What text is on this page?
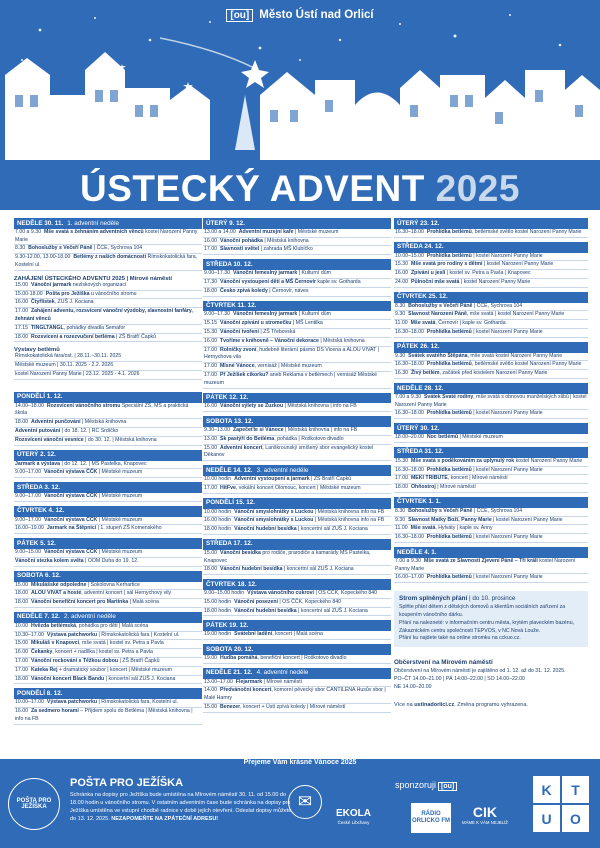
[ou] Město Ústí nad Orlicí
ÚSTECKÝ ADVENT 2025
NEDĚLE 30. 11. 1. adventní neděle
7.00 a 9.30 Mše svatá s žehnáním adventních věnců kostel Narození Panny Marie
8.30 Bohoslužby s Večeří Páně | ČCE, Sychrova 104
9.30-12.00, 13.00-18.00 Betlémy z našich domácností Římskokatolická fara, Kostelní ul.
ZAHÁJENÍ ÚSTECKÉHO ADVENTU 2025 | Mírové náměstí
15.00 Vánoční jarmark neziskových organizací
15.00-18.00 Pošta pro Ježíška u vánočního stromu
16.00 Čtyřlístek, ZUŠ J. Kociana
17.00 Zahájení adventu, rozsvícení vánoční výzdoby, slavnostní fanfáry, žehnání věnců
17.15 TINGLTANGL, pohádky divadla Semafor
18.00 Rozsvícení a rozezvučení betléma | ZŠ Bratří Čapků
Výstavy betlémů
Římskokatolická fara/ost. | 28.11.–30.11. 2025
Městské muzeum | 30.11. 2025 - 2.2. 2026
kostel Narození Panny Marie | 23.12. 2025 - 4.1. 2026
PONDĚLÍ 1. 12.
14.00–18.00 Rozsvícení vánočního stromu Speciální ZŠ, MŠ a praktická škola
18.00 Adventní punčování | Městská knihovna
Adventní putování | do 18. 12. | RC Srdíčko
Rozsvícení vánoční vesnice | do 30. 12. | Městská knihovna
ÚTERÝ 2. 12.
Jarmark a výstava | do 12. 12. | MŠ Pastelka, Knapovec
9.00–17.00 Vánoční výstava ČČK | Městské muzeum
STŘEDA 3. 12.
9.00–17.00 Vánoční výstava ČČK | Městské muzeum
ČTVRTEK 4. 12.
9.00–17.00 Vánoční výstava ČČK | Městské muzeum
16.00–19.00 Jarmark na Štěpnici | 1. stupeň ZŠ Komenského
PÁTEK 5. 12.
9.00–15.00 Vánoční výstava ČČK | Městské muzeum
Vánoční stezka kolem světa | OOM Duha do 19. 12.
SOBOTA 6. 12.
15.00 Mikulášské odpoledne | Sokolovna Kerhartice
18.00 ALOU VIVAT a hosté, adventní koncert | sál Hernychovy vily
18.00 Vánoční benefiční koncert pro Martinka | Malá scéna
NEDĚLE 7. 12. 2. adventní neděle
10.00 Hvězda betlémská, pohádka pro děti | Malá scéna
10.30–17.00 Výstava patchworku | Římskokatolická fara | Kostelní ul.
15.00 Mikuláš v Knapovci, mše svatá | kostel sv. Petra a Pavla
16.00 Čekanky, koncert + nadílka | kostel sv. Petra a Pavla
17.00 Vánoční rockování s Těžkou dobou | ZŠ Bratří Čapků
17.00 Kateka Rej + dramatický soubor | koncert | Městské muzeum
18.00 Vánoční koncert Black Bandu | koncertní sál ZUŠ J. Kociana
PONDĚLÍ 8. 12.
10.00–17.00 Výstava patchworku | Římskokatolická fara, Kostelní ul.
16.00 Za sedmero horami – Příjdem spolu do Betléma | Městská knihovna | info na FB
ÚTERÝ 9. 12.
13.00 a 14.00 Adventní muzejní kafe | Městské muzeum
16.00 Vánoční pohádka | Městská knihovna
17.00 Slavnosti světel | zahrada MŠ Klubíčko
STŘEDA 10. 12.
9.00–17.30 Vánoční femeslný jarmark | Kulturní dům
17.30 Vánoční vystoupení dětí a MŠ Černovír kaple sv. Gotharda
18.00 Česko zpívá koledy | Černovír, náves
ČTVRTEK 11. 12.
9.00–17.30 Vánoční femeslný jarmark | Kulturní dům
15.15 Vánoční zpívání u stromečku | MŠ Lentilka
15.30 Vánoční tvoření | ZŠ Třebovská
16.00 Tvoříme v knihovně – Vánoční dekorace | Městská knihovna
17.00 Rolničky zvoní, hudebně literární pásmo DS Vicena a ALOU VIVAT | Hernychova vila
17.00 Mlsné Vánoce, vernisáž | Městské muzeum
17.00 Př Ježíšek cikorku? aneb Reklama v betlémech | vernisáž Městské muzeum
PÁTEK 12. 12.
16.00 Vánoční výlety se Zuzkou | Městská knihovna | info na FB
SOBOTA 13. 12.
9.30–13.00 Zapečeťte si Vánoce | Městská knihovna | info na FB
13.00 Sk pastýři do Betléma, pohádka | Roškotovo divadlo
15.00 Adventní koncert, Lanškrounský smíšený sbor evangelický kostel Děkanov
NEDĚLE 14. 12. 3. adventní neděle
10.00 hodin Adventní vystoupení a jarmark | ZŠ Bratří Čapků
17.00 HitFve, vokální koncert Olomouc, koncert | Městské muzeum
PONDĚLÍ 15. 12.
10.00 hodin Vánoční smyslohrátky s Luckou | Městská knihovna info na FB
16.00 hodin Vánoční smyslohrátky s Luckou | Městská knihovna info na FB
18.00 hodin Vánoční hudební besídka | koncertní sál ZUŠ J. Kociana
STŘEDA 17. 12.
15.00 Vánoční besídka pro rodiče, prarodiče a kamarády MŠ Pastelka, Knapovec
18.00 Vánoční hudební besídka | koncertní sál ZUŠ J. Kociana
ČTVRTEK 18. 12.
9.00–15.00 hodin Výstava vánočního cukroví | OS ČČK, Kopeckého 840
15.00 hodin Vánoční posezení | OS ČČK, Kopeckého 840
18.00 hodin Vánoční hudební besídka | koncertní sál ZUŠ J. Kociana
PÁTEK 19. 12.
19.00 hodin Svátební ladění, koncert | Malá scéna
SOBOTA 20. 12.
19.00 Hudba pomáhá, benefiční koncert | Roškotovo divadlo
NEDĚLE 21. 12. 4. adventní neděle
13.00–17.00 Flejarmark | Mírové náměstí
14.00 Předvánoční koncert, komorní pěvecký sbor CANTILENA Husův sbor | Malé Hamry
15.00 Benezer, koncert + Ústí zpívá koledy | Mírové náměstí
ÚTERÝ 23. 12.
16.30–18.00 Prohlídka betlémů, betlémské světlo kostel Narození Panny Marie
STŘEDA 24. 12.
10.00–15.00 Prohlídka betlémů | kostel Narození Panny Marie
15.30 Mše svatá pro rodiny s dětmi | kostel Narození Panny Marie
16.00 Zpívání u jesli | kostel sv. Petra a Pavla | Knapovec
24.00 Půlnoční mše svatá | kostel Narození Panny Marie
ČTVRTEK 25. 12.
8.30 Bohoslužby s Večeří Páně | ČCE, Sychrova 104
9.30 Slavnost Narození Páně, mše svatá | kostel Narození Panny Marie
11.00 Mše svatá, Černovír | kaple sv. Gotharda
16.30–18.00 Prohlídka betlémů | kostel Narození Panny Marie
PÁTEK 26. 12.
9.30 Svátek svatého Štěpána, mše svatá kostel Narození Panny Marie
16.30–18.00 Prohlídka betlémů, betlémské světlo kostel Narození Panny Marie
16.30 Živý betlém, začátek před kostelem Narození Panny Marie
NEDĚLE 28. 12.
7.00 a 9.30 Svátek Svaté rodiny, mše svatá s obnovou manželských slibů | kostel Narození Panny Marie
16.30–18.00 Prohlídka betlémů | kostel Narození Panny Marie
ÚTERÝ 30. 12.
18.00–20.00 Noc betlémů | Městské muzeum
STŘEDA 31. 12.
15.30 Mše svatá s poděkováním za uplynulý rok kostel Narození Panny Marie
16.30–18.00 Prohlídka betlémů | kostel Narození Panny Marie
17.00 MEKI TRIBUTE, koncert | Mírové náměstí
18.00 Ohňostroj | Mírové náměstí
ČTVRTEK 1. 1.
8.30 Bohoslužby s Večeří Páně | ČCE, Sychrova 104
9.30 Slavnost Matky Boží, Panny Marie | kostel Narození Panny Marie
11.00 Mše svatá, Hylváty | kaple sv. Anny
16.30–18.00 Prohlídka betlémů | kostel Narození Panny Marie
NEDĚLE 4. 1.
7.00 a 9.30 Mše svatá ze Slavnosti Zjevení Páně – Tři králi kostel Narození Panny Marie
16.00–17.00 Prohlídka betlémů | kostel Narození Panny Marie
Strom splněných přání | do 10. prosince
Splňte přání dětem z dětských domovů a klientům sociálních zařízení za koupením vánočního dárku.
Přání na nalezneté: v informačním centru města, krytém plaveckém bazénu, Zákaznickém centru společnosti TEPVOS, v NC Nová Louže.
Přání ku najdete také na online stromku na cckuo.cz.
Občerstvení na Mírovém náměstí
Občerstvení na Mírovém náměstí je zajištěno od 1. 12. až do 31. 12. 2025.
PO–ČT 14.00–21.00 | PÁ 14.00–22.00 | SO 14.00–22.00
NE 14.00–20.00
Více na ustinadorlici.cz. Změna programu vyhrazena.
Přejeme Vám krásné Vánoce 2025
POŠTA PRO JEŽÍŠKA
POŠTA PRO JEŽÍŠKA
Schránka na dopisy pro Ježíška bude umístěna na Mírovém náměstí 30. 11. od 15.00 do 18.00 hodin u vánočního stromu. V ostatním adventním čase bude schránka na dopisy pro Ježíška umístěna ve vstupní chodbě radnice v době jejích otevření. Odeslat dopisy můžete do 13. 12. 2025. NEZAPOMEŇTE NA ZPÁTEČNÍ ADRESU!
✉
sponzoruji [ou]
EKOLA
České Libchavy
RÁDIO ORLICKO FM
CIK
MÁME K VÁM NEJBLÍŽ
K	T
U	O
